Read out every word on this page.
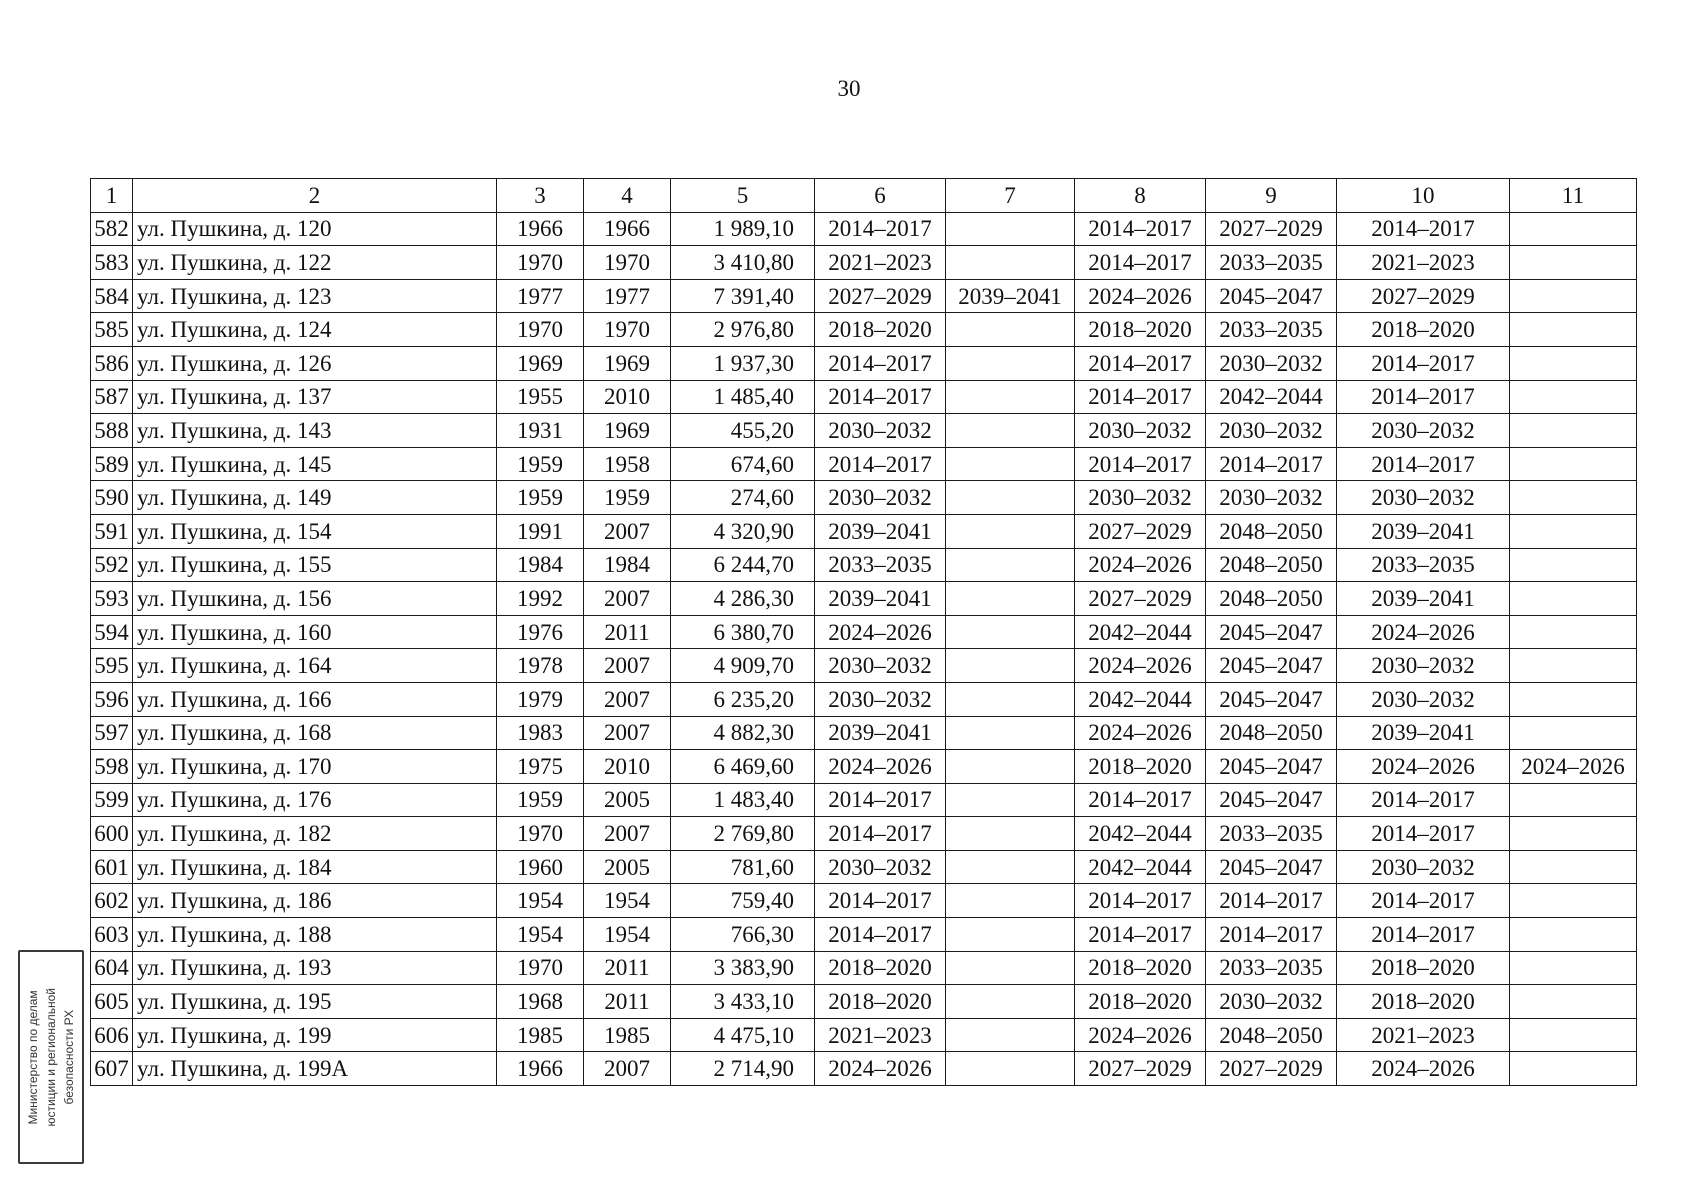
30
1	2	3	4	5	6	7	8	9	10	11
582	ул. Пушкина, д. 120	1966	1966	1 989,10	2014–2017		2014–2017	2027–2029	2014–2017	
583	ул. Пушкина, д. 122	1970	1970	3 410,80	2021–2023		2014–2017	2033–2035	2021–2023	
584	ул. Пушкина, д. 123	1977	1977	7 391,40	2027–2029	2039–2041	2024–2026	2045–2047	2027–2029	
585	ул. Пушкина, д. 124	1970	1970	2 976,80	2018–2020		2018–2020	2033–2035	2018–2020	
586	ул. Пушкина, д. 126	1969	1969	1 937,30	2014–2017		2014–2017	2030–2032	2014–2017	
587	ул. Пушкина, д. 137	1955	2010	1 485,40	2014–2017		2014–2017	2042–2044	2014–2017	
588	ул. Пушкина, д. 143	1931	1969	455,20	2030–2032		2030–2032	2030–2032	2030–2032	
589	ул. Пушкина, д. 145	1959	1958	674,60	2014–2017		2014–2017	2014–2017	2014–2017	
590	ул. Пушкина, д. 149	1959	1959	274,60	2030–2032		2030–2032	2030–2032	2030–2032	
591	ул. Пушкина, д. 154	1991	2007	4 320,90	2039–2041		2027–2029	2048–2050	2039–2041	
592	ул. Пушкина, д. 155	1984	1984	6 244,70	2033–2035		2024–2026	2048–2050	2033–2035	
593	ул. Пушкина, д. 156	1992	2007	4 286,30	2039–2041		2027–2029	2048–2050	2039–2041	
594	ул. Пушкина, д. 160	1976	2011	6 380,70	2024–2026		2042–2044	2045–2047	2024–2026	
595	ул. Пушкина, д. 164	1978	2007	4 909,70	2030–2032		2024–2026	2045–2047	2030–2032	
596	ул. Пушкина, д. 166	1979	2007	6 235,20	2030–2032		2042–2044	2045–2047	2030–2032	
597	ул. Пушкина, д. 168	1983	2007	4 882,30	2039–2041		2024–2026	2048–2050	2039–2041	
598	ул. Пушкина, д. 170	1975	2010	6 469,60	2024–2026		2018–2020	2045–2047	2024–2026	2024–2026
599	ул. Пушкина, д. 176	1959	2005	1 483,40	2014–2017		2014–2017	2045–2047	2014–2017	
600	ул. Пушкина, д. 182	1970	2007	2 769,80	2014–2017		2042–2044	2033–2035	2014–2017	
601	ул. Пушкина, д. 184	1960	2005	781,60	2030–2032		2042–2044	2045–2047	2030–2032	
602	ул. Пушкина, д. 186	1954	1954	759,40	2014–2017		2014–2017	2014–2017	2014–2017	
603	ул. Пушкина, д. 188	1954	1954	766,30	2014–2017		2014–2017	2014–2017	2014–2017	
604	ул. Пушкина, д. 193	1970	2011	3 383,90	2018–2020		2018–2020	2033–2035	2018–2020	
605	ул. Пушкина, д. 195	1968	2011	3 433,10	2018–2020		2018–2020	2030–2032	2018–2020	
606	ул. Пушкина, д. 199	1985	1985	4 475,10	2021–2023		2024–2026	2048–2050	2021–2023	
607	ул. Пушкина, д. 199А	1966	2007	2 714,90	2024–2026		2027–2029	2027–2029	2024–2026	
Министерство по делам юстиции и региональной безопасности РХ
